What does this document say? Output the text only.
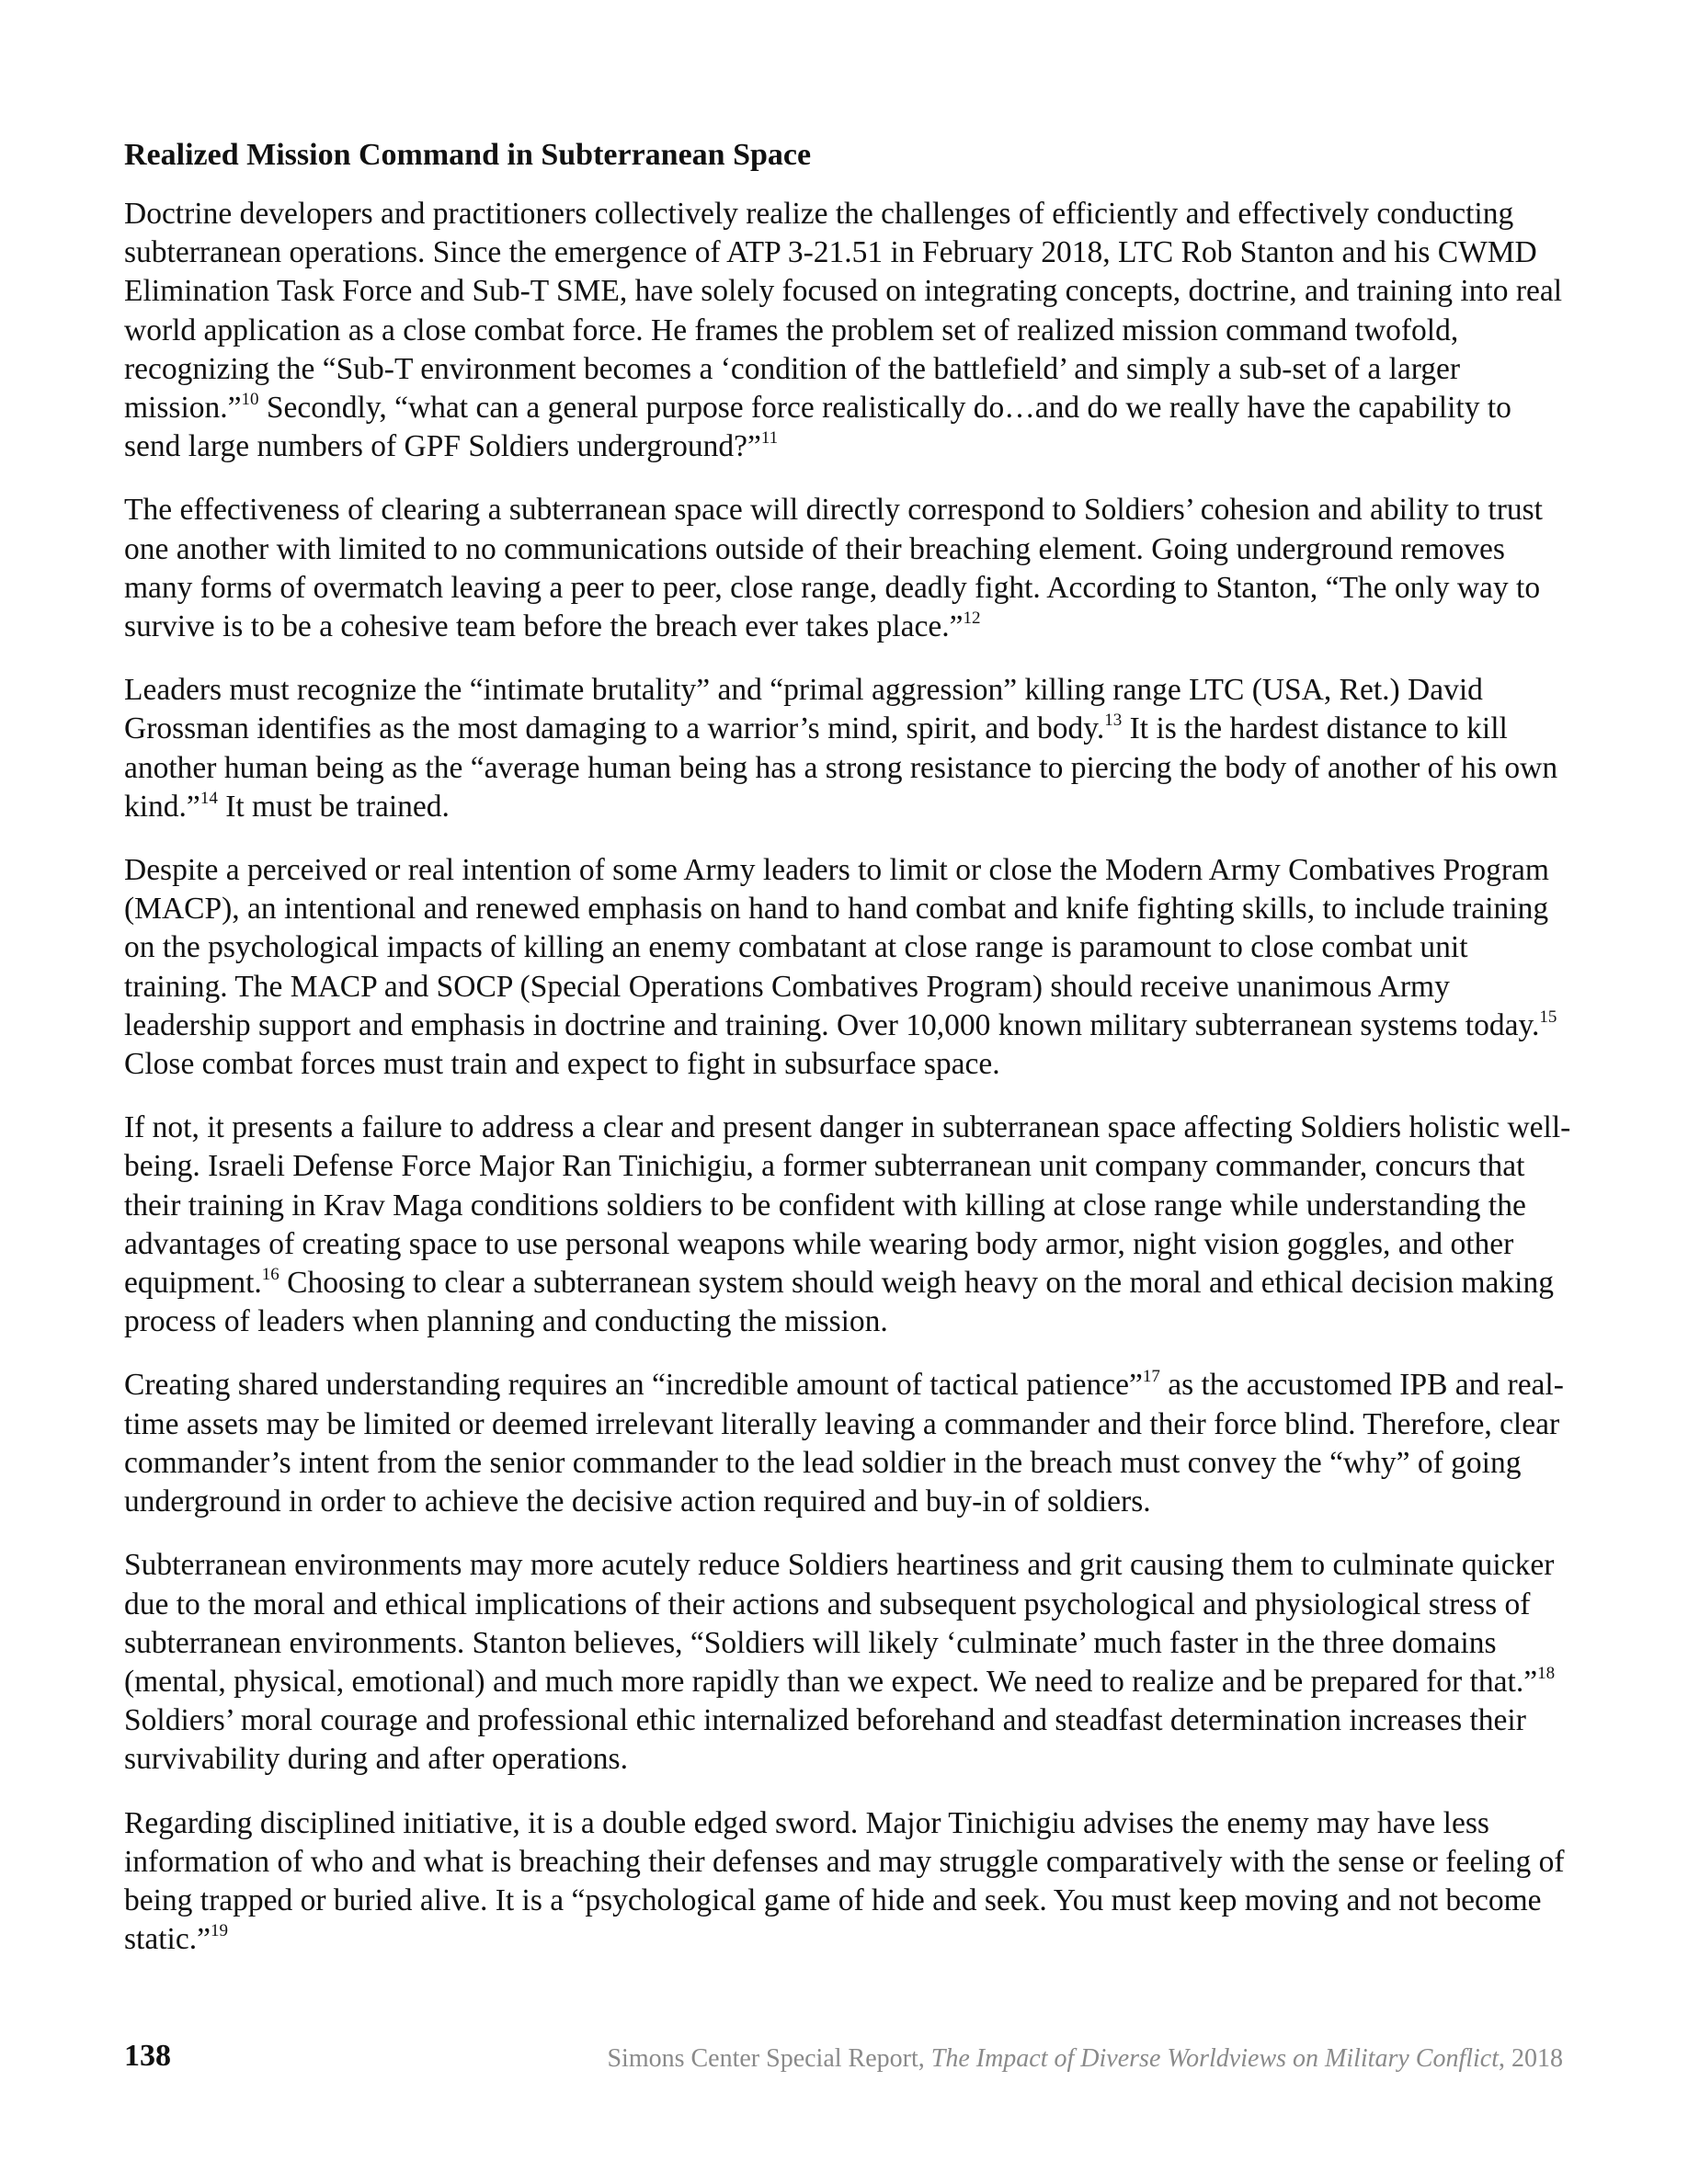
Realized Mission Command in Subterranean Space

Doctrine developers and practitioners collectively realize the challenges of efficiently and effectively conducting subterranean operations. Since the emergence of ATP 3-21.51 in February 2018, LTC Rob Stanton and his CWMD Elimination Task Force and Sub-T SME, have solely focused on integrating concepts, doctrine, and training into real world application as a close combat force. He frames the problem set of realized mission command twofold, recognizing the “Sub-T environment becomes a ‘condition of the battlefield’ and simply a sub-set of a larger mission.”$^{10}$ Secondly, “what can a general purpose force realistically do…and do we really have the capability to send large numbers of GPF Soldiers underground?”$^{11}$

The effectiveness of clearing a subterranean space will directly correspond to Soldiers’ cohesion and ability to trust one another with limited to no communications outside of their breaching element. Going underground removes many forms of overmatch leaving a peer to peer, close range, deadly fight. According to Stanton, “The only way to survive is to be a cohesive team before the breach ever takes place.”$^{12}$

Leaders must recognize the “intimate brutality” and “primal aggression” killing range LTC (USA, Ret.) David Grossman identifies as the most damaging to a warrior’s mind, spirit, and body.$^{13}$ It is the hardest distance to kill another human being as the “average human being has a strong resistance to piercing the body of another of his own kind.”$^{14}$ It must be trained.

Despite a perceived or real intention of some Army leaders to limit or close the Modern Army Combatives Program (MACP), an intentional and renewed emphasis on hand to hand combat and knife fighting skills, to include training on the psychological impacts of killing an enemy combatant at close range is paramount to close combat unit training. The MACP and SOCP (Special Operations Combatives Program) should receive unanimous Army leadership support and emphasis in doctrine and training. Over 10,000 known military subterranean systems today.$^{15}$ Close combat forces must train and expect to fight in subsurface space.

If not, it presents a failure to address a clear and present danger in subterranean space affecting Soldiers holistic well-being. Israeli Defense Force Major Ran Tinichigiu, a former subterranean unit company commander, concurs that their training in Krav Maga conditions soldiers to be confident with killing at close range while understanding the advantages of creating space to use personal weapons while wearing body armor, night vision goggles, and other equipment.$^{16}$ Choosing to clear a subterranean system should weigh heavy on the moral and ethical decision making process of leaders when planning and conducting the mission.

Creating shared understanding requires an “incredible amount of tactical patience”$^{17}$ as the accustomed IPB and real-time assets may be limited or deemed irrelevant literally leaving a commander and their force blind. Therefore, clear commander’s intent from the senior commander to the lead soldier in the breach must convey the “why” of going underground in order to achieve the decisive action required and buy-in of soldiers.

Subterranean environments may more acutely reduce Soldiers heartiness and grit causing them to culminate quicker due to the moral and ethical implications of their actions and subsequent psychological and physiological stress of subterranean environments. Stanton believes, “Soldiers will likely ‘culminate’ much faster in the three domains (mental, physical, emotional) and much more rapidly than we expect. We need to realize and be prepared for that.”$^{18}$ Soldiers’ moral courage and professional ethic internalized beforehand and steadfast determination increases their survivability during and after operations.

Regarding disciplined initiative, it is a double edged sword. Major Tinichigiu advises the enemy may have less information of who and what is breaching their defenses and may struggle comparatively with the sense or feeling of being trapped or buried alive. It is a “psychological game of hide and seek. You must keep moving and not become static.”$^{19}$

138	Simons Center Special Report, The Impact of Diverse Worldviews on Military Conflict, 2018
